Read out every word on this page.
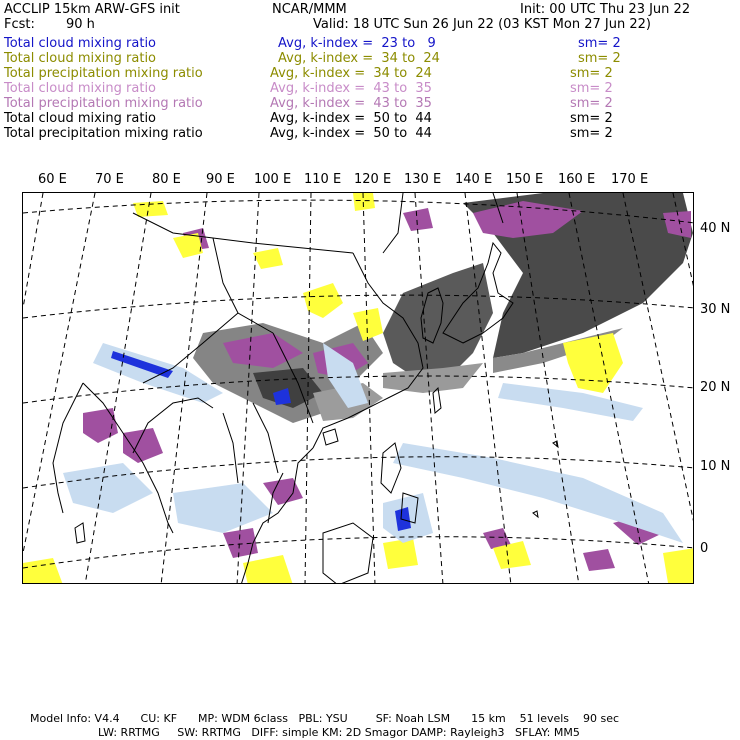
ACCLIP 15km ARW-GFS init	NCAR/MMM	Init: 00 UTC Thu 23 Jun 22
Fcst: 90 h	Valid: 18 UTC Sun 26 Jun 22 (03 KST Mon 27 Jun 22)
Total cloud mixing ratio	Avg, k-index =  23 to   9	sm= 2
Total cloud mixing ratio	Avg, k-index =  34 to  24	sm= 2
Total precipitation mixing ratio	Avg, k-index =  34 to  24	sm= 2
Total cloud mixing ratio	Avg, k-index =  43 to  35	sm= 2
Total precipitation mixing ratio	Avg, k-index =  43 to  35	sm= 2
Total cloud mixing ratio	Avg, k-index =  50 to  44	sm= 2
Total precipitation mixing ratio	Avg, k-index =  50 to  44	sm= 2
60 E 70 E 80 E 90 E 100 E 110 E 120 E 130 E 140 E 150 E 160 E 170 E
40 N
30 N
20 N
10 N
0
Model Info: V4.4      CU: KF      MP: WDM 6class   PBL: YSU        SF: Noah LSM      15 km    51 levels    90 sec
LW: RRTMG     SW: RRTMG   DIFF: simple KM: 2D Smagor DAMP: Rayleigh3   SFLAY: MM5
